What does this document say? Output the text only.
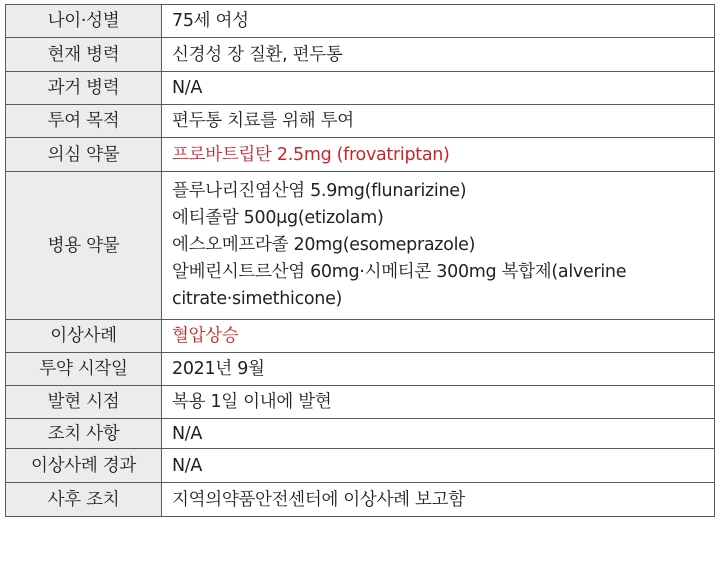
나이·성별	75세 여성
현재 병력	신경성 장 질환, 편두통
과거 병력	N/A
투여 목적	편두통 치료를 위해 투여
의심 약물	프로바트립탄 2.5mg (frovatriptan)
병용 약물	플루나리진염산염 5.9mg(flunarizine)
에티졸람 500μg(etizolam)
에스오메프라졸 20mg(esomeprazole)
알베린시트르산염 60mg·시메티콘 300mg 복합제(alverine citrate·simethicone)

이상사례	혈압상승
투약 시작일	2021년 9월
발현 시점	복용 1일 이내에 발현
조치 사항	N/A
이상사례 경과	N/A
사후 조치	지역의약품안전센터에 이상사례 보고함
